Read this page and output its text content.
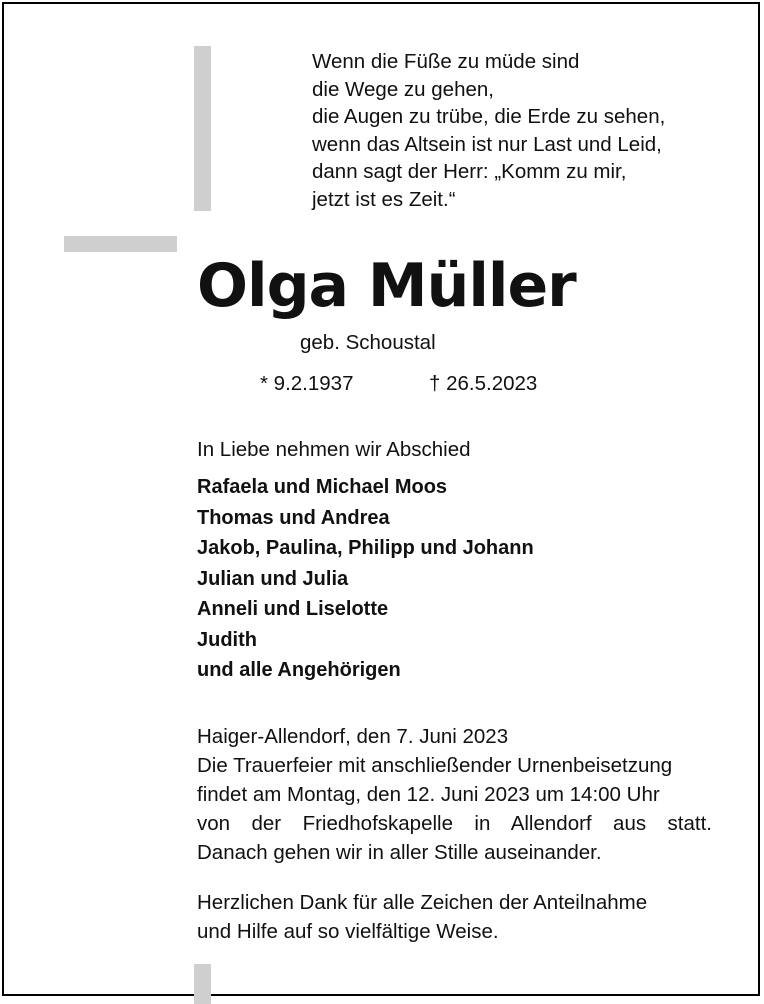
Wenn die Füße zu müde sind
die Wege zu gehen,
die Augen zu trübe, die Erde zu sehen,
wenn das Altsein ist nur Last und Leid,
dann sagt der Herr: „Komm zu mir,
jetzt ist es Zeit.“
Olga Müller
geb. Schoustal
* 9.2.1937	† 26.5.2023
In Liebe nehmen wir Abschied
Rafaela und Michael Moos
Thomas und Andrea
Jakob, Paulina, Philipp und Johann
Julian und Julia
Anneli und Liselotte
Judith
und alle Angehörigen
Haiger-Allendorf, den 7. Juni 2023
Die Trauerfeier mit anschließender Urnenbeisetzung
findet am Montag, den 12. Juni 2023 um 14:00 Uhr
von der Friedhofskapelle in Allendorf aus statt.
Danach gehen wir in aller Stille auseinander.
Herzlichen Dank für alle Zeichen der Anteilnahme
und Hilfe auf so vielfältige Weise.
